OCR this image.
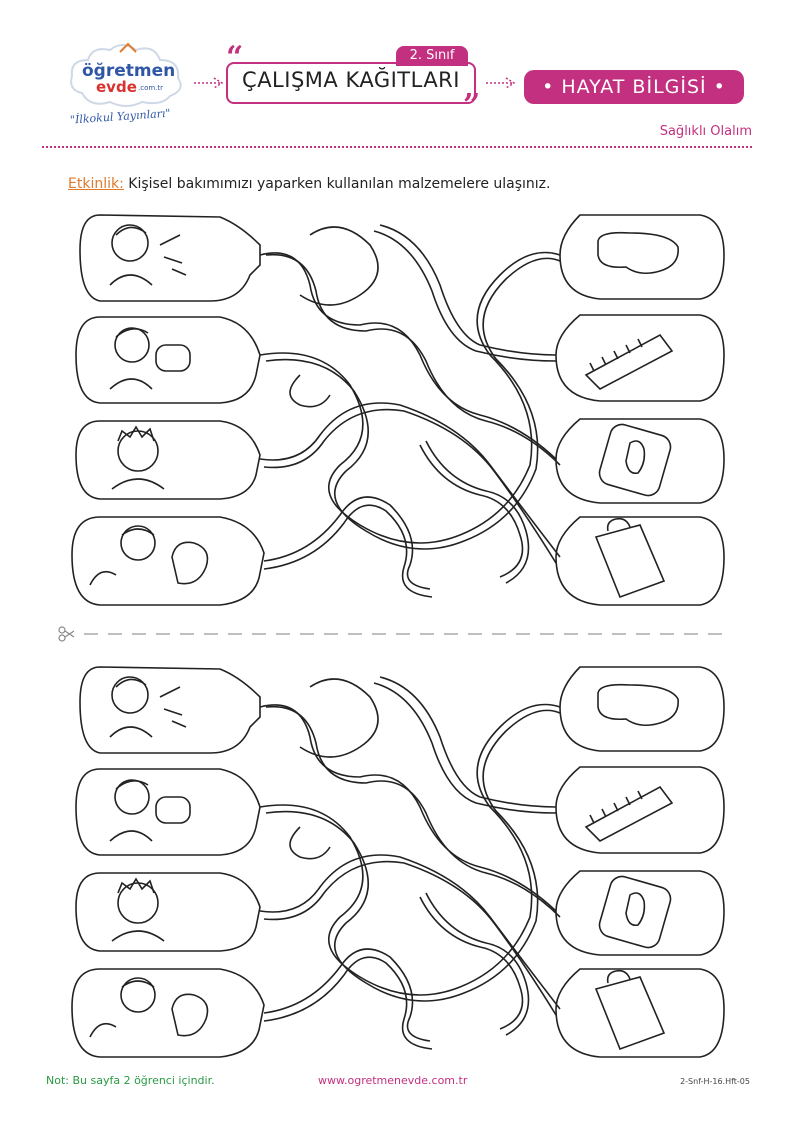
öğretmen
evde .com.tr
"İlkokul Yayınları"
2. Sınıf
“
”
ÇALIŞMA KAĞITLARI	• HAYAT BİLGİSİ •
Sağlıklı Olalım
Etkinlik: Kişisel bakımımızı yaparken kullanılan malzemelere ulaşınız.
Not: Bu sayfa 2 öğrenci içindir.	www.ogretmenevde.com.tr	2-Snf-H-16.Hft-05
